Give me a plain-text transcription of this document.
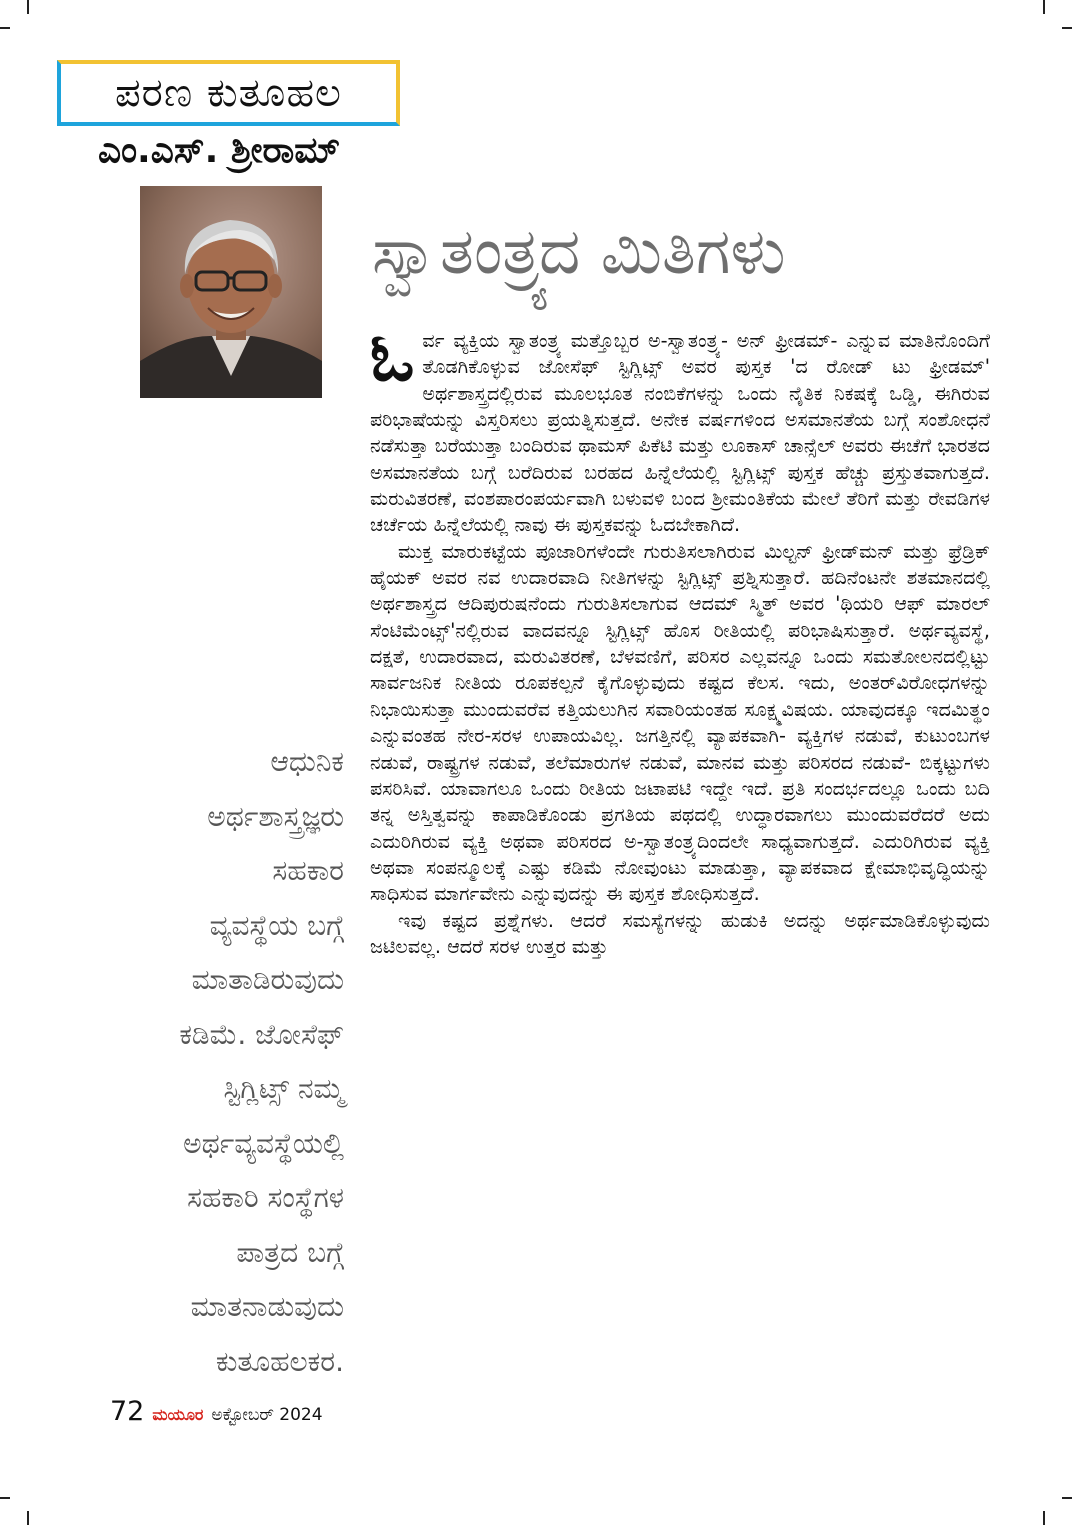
ಪರಣ ಕುತೂಹಲ
ಎಂ.ಎಸ್. ಶ್ರೀರಾಮ್
ಸ್ವಾತಂತ್ರ್ಯದ ಮಿತಿಗಳು

ಓರ್ವ ವ್ಯಕ್ತಿಯ ಸ್ವಾತಂತ್ರ್ಯ ಮತ್ತೊಬ್ಬರ ಅ-ಸ್ವಾತಂತ್ರ್ಯ- ಅನ್ ಫ್ರೀಡಮ್- ಎನ್ನುವ ಮಾತಿನೊಂದಿಗೆ ತೊಡಗಿಕೊಳ್ಳುವ ಜೋಸೆಫ್ ಸ್ಟಿಗ್ಲಿಟ್ಸ್ ಅವರ ಪುಸ್ತಕ 'ದ ರೋಡ್ ಟು ಫ್ರೀಡಮ್' ಅರ್ಥಶಾಸ್ತ್ರದಲ್ಲಿರುವ ಮೂಲಭೂತ ನಂಬಿಕೆಗಳನ್ನು ಒಂದು ನೈತಿಕ ನಿಕಷಕ್ಕೆ ಒಡ್ಡಿ, ಈಗಿರುವ ಪರಿಭಾಷೆಯನ್ನು ವಿಸ್ತರಿಸಲು ಪ್ರಯತ್ನಿಸುತ್ತದೆ. ಅನೇಕ ವರ್ಷಗಳಿಂದ ಅಸಮಾನತೆಯ ಬಗ್ಗೆ ಸಂಶೋಧನೆ ನಡೆಸುತ್ತಾ ಬರೆಯುತ್ತಾ ಬಂದಿರುವ ಥಾಮಸ್ ಪಿಕೆಟಿ ಮತ್ತು ಲೂಕಾಸ್ ಚಾನ್ಸೆಲ್ ಅವರು ಈಚೆಗೆ ಭಾರತದ ಅಸಮಾನತೆಯ ಬಗ್ಗೆ ಬರೆದಿರುವ ಬರಹದ ಹಿನ್ನೆಲೆಯಲ್ಲಿ ಸ್ಟಿಗ್ಲಿಟ್ಸ್ ಪುಸ್ತಕ ಹೆಚ್ಚು ಪ್ರಸ್ತುತವಾಗುತ್ತದೆ. ಮರುವಿತರಣೆ, ವಂಶಪಾರಂಪರ್ಯವಾಗಿ ಬಳುವಳಿ ಬಂದ ಶ್ರೀಮಂತಿಕೆಯ ಮೇಲೆ ತೆರಿಗೆ ಮತ್ತು ರೇವಡಿಗಳ ಚರ್ಚೆಯ ಹಿನ್ನೆಲೆಯಲ್ಲಿ ನಾವು ಈ ಪುಸ್ತಕವನ್ನು ಓದಬೇಕಾಗಿದೆ.

ಮುಕ್ತ ಮಾರುಕಟ್ಟೆಯ ಪೂಜಾರಿಗಳೆಂದೇ ಗುರುತಿಸಲಾಗಿರುವ ಮಿಲ್ಟನ್ ಫ್ರೀಡ್‌ಮನ್ ಮತ್ತು ಫ್ರೆಡ್ರಿಕ್ ಹೈಯಕ್ ಅವರ ನವ ಉದಾರವಾದಿ ನೀತಿಗಳನ್ನು ಸ್ಟಿಗ್ಲಿಟ್ಸ್ ಪ್ರಶ್ನಿಸುತ್ತಾರೆ. ಹದಿನೆಂಟನೇ ಶತಮಾನದಲ್ಲಿ ಅರ್ಥಶಾಸ್ತ್ರದ ಆದಿಪುರುಷನೆಂದು ಗುರುತಿಸಲಾಗುವ ಆದಮ್ ಸ್ಮಿತ್ ಅವರ 'ಥಿಯರಿ ಆಫ್ ಮಾರಲ್ ಸೆಂಟಿಮೆಂಟ್ಸ್'ನಲ್ಲಿರುವ ವಾದವನ್ನೂ ಸ್ಟಿಗ್ಲಿಟ್ಸ್ ಹೊಸ ರೀತಿಯಲ್ಲಿ ಪರಿಭಾಷಿಸುತ್ತಾರೆ. ಅರ್ಥವ್ಯವಸ್ಥೆ, ದಕ್ಷತೆ, ಉದಾರವಾದ, ಮರುವಿತರಣೆ, ಬೆಳವಣಿಗೆ, ಪರಿಸರ ಎಲ್ಲವನ್ನೂ ಒಂದು ಸಮತೋಲನದಲ್ಲಿಟ್ಟು ಸಾರ್ವಜನಿಕ ನೀತಿಯ ರೂಪಕಲ್ಪನೆ ಕೈಗೊಳ್ಳುವುದು ಕಷ್ಟದ ಕೆಲಸ. ಇದು, ಅಂತರ್‌ವಿರೋಧಗಳನ್ನು ನಿಭಾಯಿಸುತ್ತಾ ಮುಂದುವರೆವ ಕತ್ತಿಯಲುಗಿನ ಸವಾರಿಯಂತಹ ಸೂಕ್ಷ್ಮವಿಷಯ. ಯಾವುದಕ್ಕೂ ಇದಮಿತ್ಥಂ ಎನ್ನುವಂತಹ ನೇರ-ಸರಳ ಉಪಾಯವಿಲ್ಲ. ಜಗತ್ತಿನಲ್ಲಿ ವ್ಯಾಪಕವಾಗಿ- ವ್ಯಕ್ತಿಗಳ ನಡುವೆ, ಕುಟುಂಬಗಳ ನಡುವೆ, ರಾಷ್ಟ್ರಗಳ ನಡುವೆ, ತಲೆಮಾರುಗಳ ನಡುವೆ, ಮಾನವ ಮತ್ತು ಪರಿಸರದ ನಡುವೆ- ಬಿಕ್ಕಟ್ಟುಗಳು ಪಸರಿಸಿವೆ. ಯಾವಾಗಲೂ ಒಂದು ರೀತಿಯ ಜಟಾಪಟಿ ಇದ್ದೇ ಇದೆ. ಪ್ರತಿ ಸಂದರ್ಭದಲ್ಲೂ ಒಂದು ಬದಿ ತನ್ನ ಅಸ್ತಿತ್ವವನ್ನು ಕಾಪಾಡಿಕೊಂಡು ಪ್ರಗತಿಯ ಪಥದಲ್ಲಿ ಉದ್ಧಾರವಾಗಲು ಮುಂದುವರೆದರೆ ಅದು ಎದುರಿಗಿರುವ ವ್ಯಕ್ತಿ ಅಥವಾ ಪರಿಸರದ ಅ-ಸ್ವಾತಂತ್ರ್ಯದಿಂದಲೇ ಸಾಧ್ಯವಾಗುತ್ತದೆ. ಎದುರಿಗಿರುವ ವ್ಯಕ್ತಿ ಅಥವಾ ಸಂಪನ್ಮೂಲಕ್ಕೆ ಎಷ್ಟು ಕಡಿಮೆ ನೋವುಂಟು ಮಾಡುತ್ತಾ, ವ್ಯಾಪಕವಾದ ಕ್ಷೇಮಾಭಿವೃದ್ಧಿಯನ್ನು ಸಾಧಿಸುವ ಮಾರ್ಗವೇನು ಎನ್ನುವುದನ್ನು ಈ ಪುಸ್ತಕ ಶೋಧಿಸುತ್ತದೆ.

ಇವು ಕಷ್ಟದ ಪ್ರಶ್ನೆಗಳು. ಆದರೆ ಸಮಸ್ಯೆಗಳನ್ನು ಹುಡುಕಿ ಅದನ್ನು ಅರ್ಥಮಾಡಿಕೊಳ್ಳುವುದು ಜಟಿಲವಲ್ಲ. ಆದರೆ ಸರಳ ಉತ್ತರ ಮತ್ತು

ಆಧುನಿಕ
ಅರ್ಥಶಾಸ್ತ್ರಜ್ಞರು
ಸಹಕಾರ
ವ್ಯವಸ್ಥೆಯ ಬಗ್ಗೆ
ಮಾತಾಡಿರುವುದು
ಕಡಿಮೆ. ಜೋಸೆಫ್
ಸ್ಟಿಗ್ಲಿಟ್ಸ್ ನಮ್ಮ
ಅರ್ಥವ್ಯವಸ್ಥೆಯಲ್ಲಿ
ಸಹಕಾರಿ ಸಂಸ್ಥೆಗಳ
ಪಾತ್ರದ ಬಗ್ಗೆ
ಮಾತನಾಡುವುದು
ಕುತೂಹಲಕರ.
72 ಮಯೂರ ಅಕ್ಟೋಬರ್ 2024
